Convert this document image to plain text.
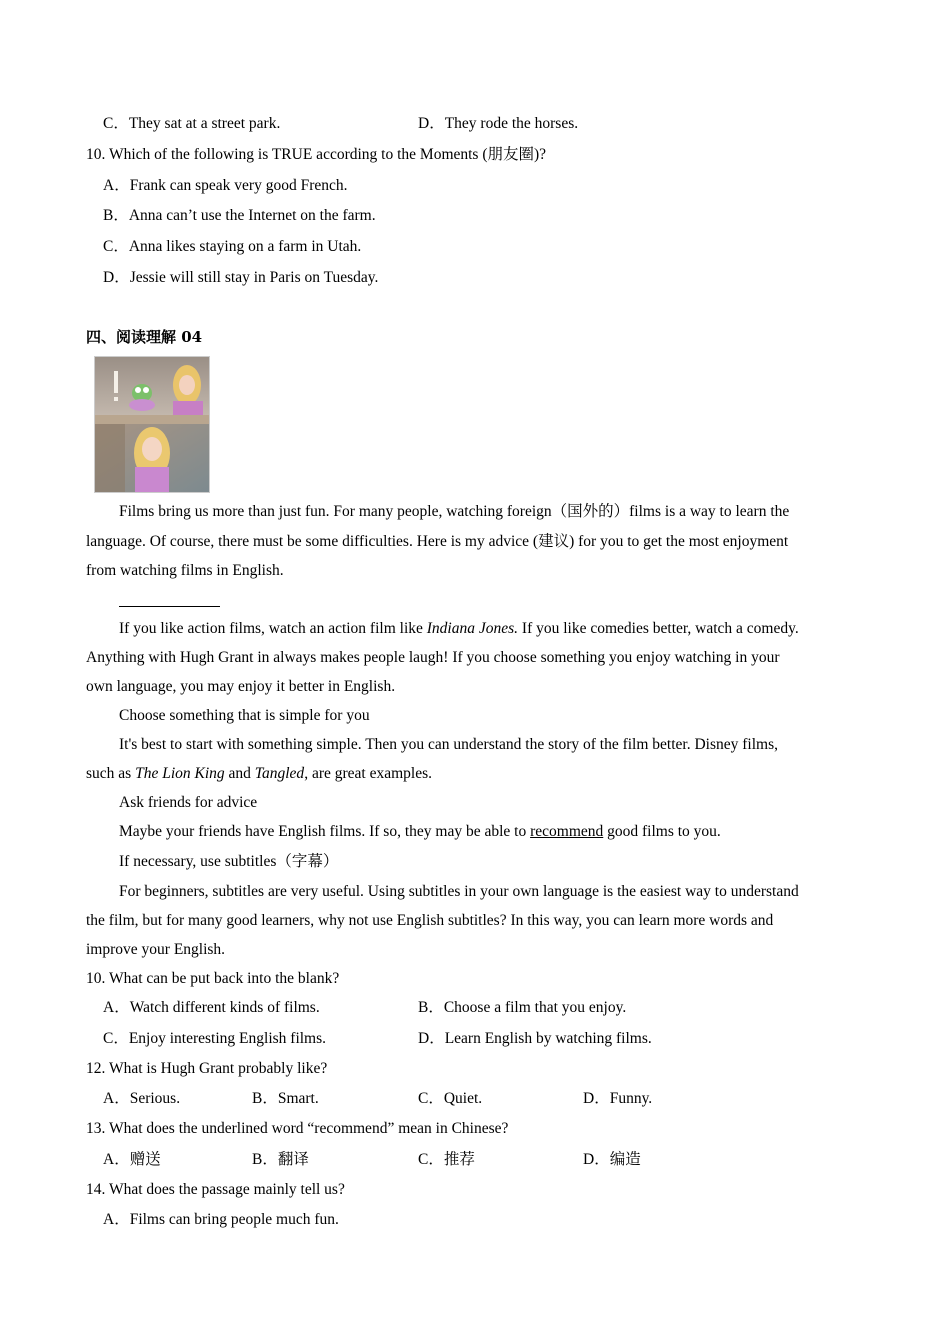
C．They sat at a street park.	D．They rode the horses.
10. Which of the following is TRUE according to the Moments (朋友圈)?
A．Frank can speak very good French.
B．Anna can’t use the Internet on the farm.
C．Anna likes staying on a farm in Utah.
D．Jessie will still stay in Paris on Tuesday.
四、阅读理解 04
Films bring us more than just fun. For many people, watching foreign（国外的）films is a way to learn the
language. Of course, there must be some difficulties. Here is my advice (建议) for you to get the most enjoyment
from watching films in English.
If you like action films, watch an action film like Indiana Jones. If you like comedies better, watch a comedy.
Anything with Hugh Grant in always makes people laugh! If you choose something you enjoy watching in your
own language, you may enjoy it better in English.
Choose something that is simple for you
It's best to start with something simple. Then you can understand the story of the film better. Disney films,
such as The Lion King and Tangled, are great examples.
Ask friends for advice
Maybe your friends have English films. If so, they may be able to recommend good films to you.
If necessary, use subtitles（字幕）
For beginners, subtitles are very useful. Using subtitles in your own language is the easiest way to understand
the film, but for many good learners, why not use English subtitles? In this way, you can learn more words and
improve your English.
10. What can be put back into the blank?
A．Watch different kinds of films.	B．Choose a film that you enjoy.
C．Enjoy interesting English films.	D．Learn English by watching films.
12. What is Hugh Grant probably like?
A．Serious.	B．Smart.	C．Quiet.	D．Funny.
13. What does the underlined word “recommend” mean in Chinese?
A．赠送	B．翻译	C．推荐	D．编造
14. What does the passage mainly tell us?
A．Films can bring people much fun.
